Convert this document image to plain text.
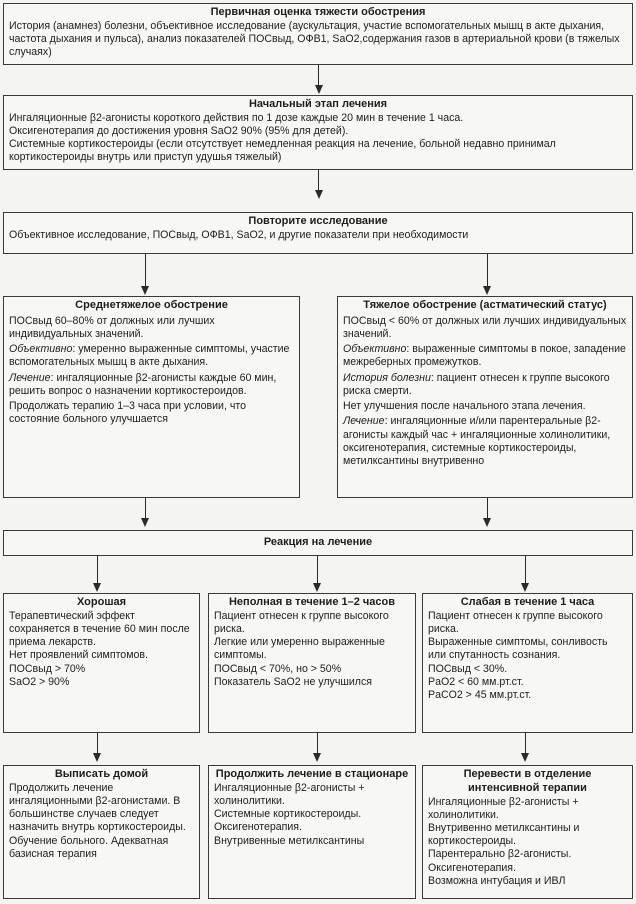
Первичная оценка тяжести обострения
История (анамнез) болезни, объективное исследование (аускультация, участие вспомогательных мышц в акте дыхания, частота дыхания и пульса), анализ показателей ПОСвыд, ОФВ1, SaO2,содержания газов в артериальной крови (в тяжелых случаях)
Начальный этап лечения
Ингаляционные β2-агонисты короткого действия по 1 дозе каждые 20 мин в течение 1 часа.
Оксигенотерапия до достижения уровня SaO2 90% (95% для детей).
Системные кортикостероиды (если отсутствует немедленная реакция на лечение, больной недавно принимал кортикостероиды внутрь или приступ удушья тяжелый)
Повторите исследование
Объективное исследование, ПОСвыд, ОФВ1, SaO2, и другие показатели при необходимости
Среднетяжелое обострение

ПОСвыд 60–80% от должных или лучших индивидуальных значений.

Объективно: умеренно выраженные симптомы, участие вспомогательных мышц в акте дыхания.

Лечение: ингаляционные β2-агонисты каждые 60 мин, решить вопрос о назначении кортикостероидов.

Продолжать терапию 1–3 часа при условии, что состояние больного улучшается

Тяжелое обострение (астматический статус)

ПОСвыд < 60% от должных или лучших индивидуальных значений.

Объективно: выраженные симптомы в покое, западение межреберных промежутков.

История болезни: пациент отнесен к группе высокого риска смерти.

Нет улучшения после начального этапа лечения.

Лечение: ингаляционные и/или парентеральные β2-агонисты каждый час + ингаляционные холинолитики, оксигенотерапия, системные кортикостероиды, метилксантины внутривенно

Реакция на лечение
Хорошая
Терапевтический эффект сохраняется в течение 60 мин после приема лекарств.
Нет проявлений симптомов.
ПОСвыд > 70%
SaO2 > 90%
Неполная в течение 1–2 часов
Пациент отнесен к группе высокого риска.
Легкие или умеренно выраженные симптомы.
ПОСвыд < 70%, но > 50%
Показатель SaO2 не улучшился
Слабая в течение 1 часа
Пациент отнесен к группе высокого риска.
Выраженные симптомы, сонливость или спутанность сознания.
ПОСвыд < 30%.
PaO2 < 60 мм.рт.ст.
PaCO2 > 45 мм.рт.ст.
Выписать домой
Продолжить лечение ингаляционными β2-агонистами. В большинстве случаев следует назначить внутрь кортикостероиды. Обучение больного. Адекватная базисная терапия
Продолжить лечение в стационаре
Ингаляционные β2-агонисты + холинолитики.
Системные кортикостероиды.
Оксигенотерапия.
Внутривенные метилксантины
Перевести в отделение интенсивной терапии
Ингаляционные β2-агонисты + холинолитики.
Внутривенно метилксантины и кортикостероиды.
Парентерально β2-агонисты.
Оксигенотерапия.
Возможна интубация и ИВЛ
